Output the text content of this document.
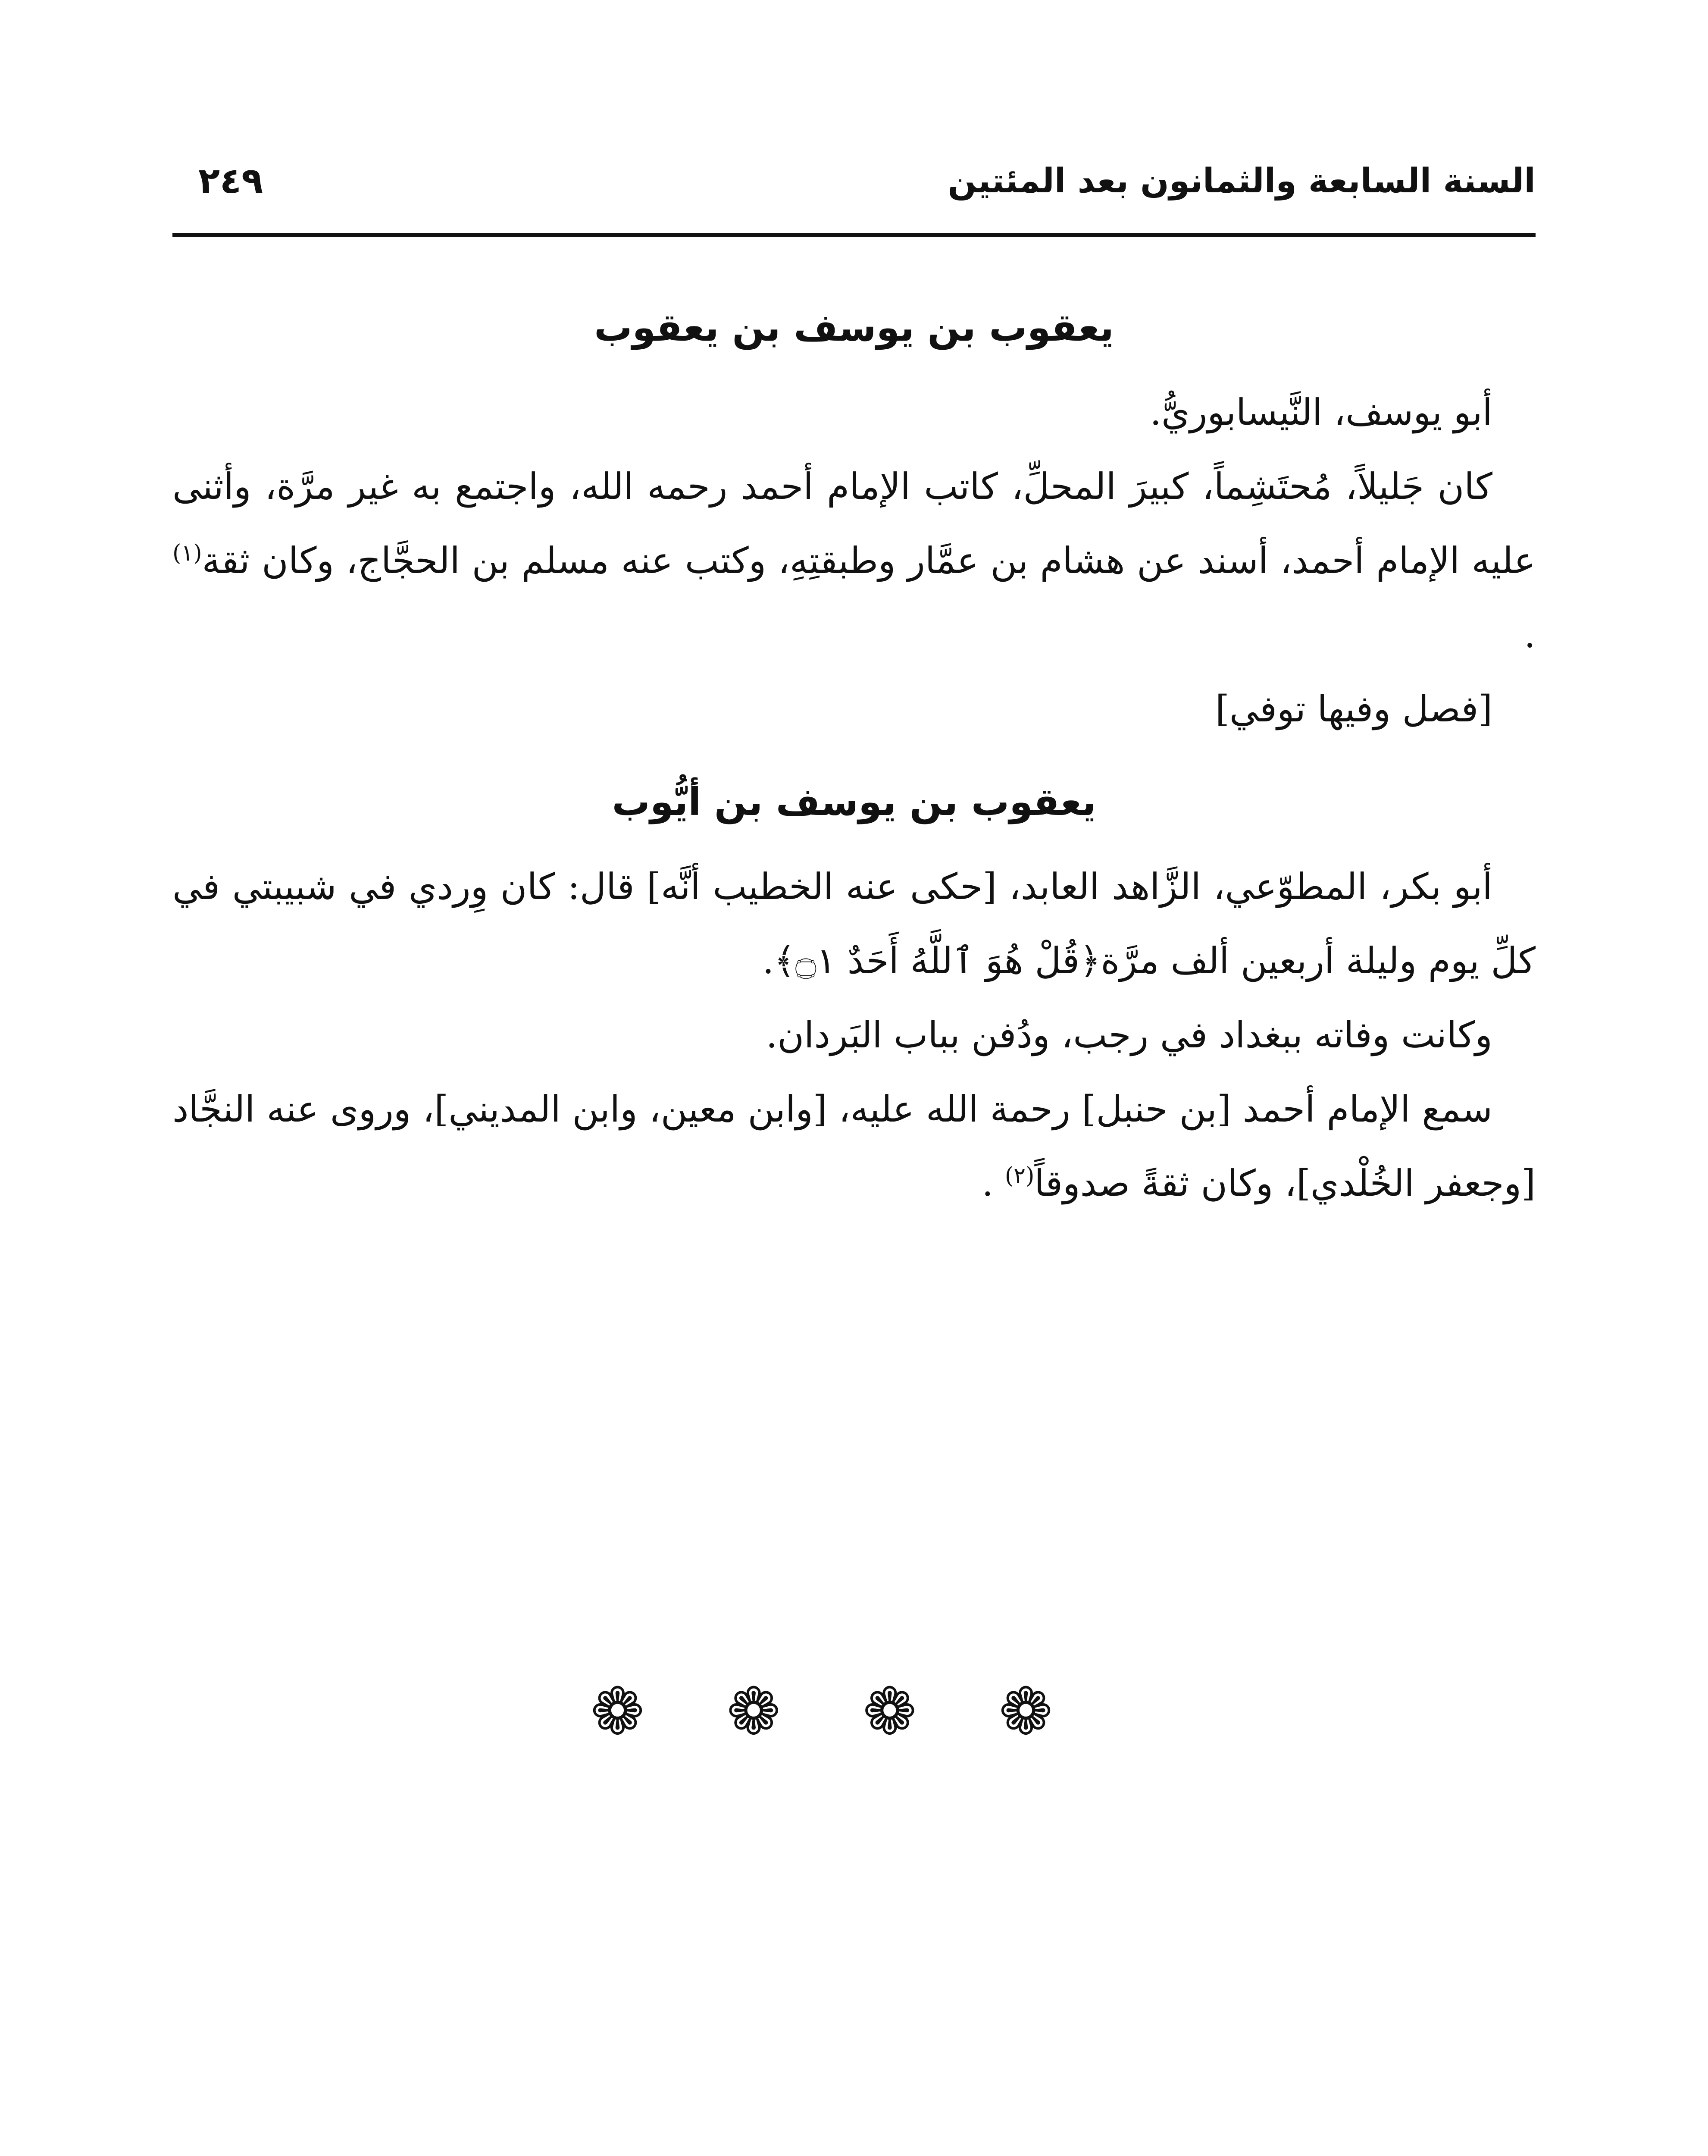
السنة السابعة والثمانون بعد المئتين
٢٤٩
يعقوب بن يوسف بن يعقوب

أبو يوسف، النَّيسابوريُّ.

كان جَليلاً، مُحتَشِماً، كبيرَ المحلِّ، كاتب الإمام أحمد رحمه الله، واجتمع به غير مرَّة، وأثنى عليه الإمام أحمد، أسند عن هشام بن عمَّار وطبقتِهِ، وكتب عنه مسلم بن الحجَّاج، وكان ثقة$^{(١)}$ .

[فصل وفيها توفي]

يعقوب بن يوسف بن أيُّوب

أبو بكر، المطوّعي، الزَّاهد العابد، [حكى عنه الخطيب أنَّه] قال: كان وِردي في شبيبتي في كلِّ يوم وليلة أربعين ألف مرَّة﴿قُلْ هُوَ ٱللَّهُ أَحَدٌ ۝١﴾.

وكانت وفاته ببغداد في رجب، ودُفن بباب البَردان.

سمع الإمام أحمد [بن حنبل] رحمة الله عليه، [وابن معين، وابن المديني]، وروى عنه النجَّاد [وجعفر الخُلْدي]، وكان ثقةً صدوقاً$^{(٢)}$ .

❁❁❁❁
